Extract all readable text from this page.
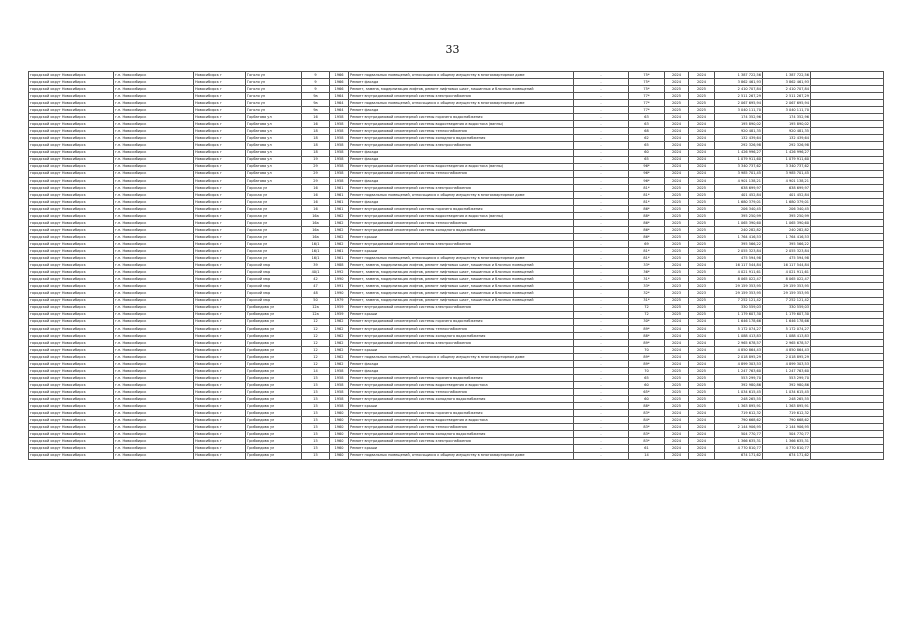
33
городской округ Новосибирск	г.п. Новосибирск	Новосибирск г	Гоголя ул	9	1966	Ремонт подвальных помещений, относящихся к общему имуществу в многоквартирном доме	-	75*	2024	2024	1 387 722,56	1 387 722,56	
городской округ Новосибирск	г.п. Новосибирск	Новосибирск г	Гоголя ул	9	1966	Ремонт фасада	-	75*	2024	2024	3 862 461,93	3 862 461,93	
городской округ Новосибирск	г.п. Новосибирск	Новосибирск г	Гоголя ул	9	1966	Ремонт, замена, модернизация лифтов, ремонт лифтовых шахт, машинных и блочных помещений	-	75*	2025	2025	2 410 707,84	2 410 707,84	
городской округ Новосибирск	г.п. Новосибирск	Новосибирск г	Гоголя ул	9а	1964	Ремонт внутридомовой инженерной системы электроснабжения	-	77*	2025	2025	2 511 267,29	2 511 267,29	
городской округ Новосибирск	г.п. Новосибирск	Новосибирск г	Гоголя ул	9а	1964	Ремонт подвальных помещений, относящихся к общему имуществу в многоквартирном доме	-	77*	2025	2025	2 067 695,94	2 067 695,94	
городской округ Новосибирск	г.п. Новосибирск	Новосибирск г	Гоголя ул	9а	1964	Ремонт фасада	-	77*	2025	2025	3 040 111,70	3 040 111,70	
городской округ Новосибирск	г.п. Новосибирск	Новосибирск г	Горбатова ул	16	1958	Ремонт внутридомовой инженерной системы горячего водоснабжения	-	63	2024	2024	174 352,96	174 352,96	
городской округ Новосибирск	г.п. Новосибирск	Новосибирск г	Горбатова ул	16	1958	Ремонт внутридомовой инженерной системы водоотведения и водостока (ванны)	-	63	2024	2024	195 890,02	195 890,02	
городской округ Новосибирск	г.п. Новосибирск	Новосибирск г	Горбатова ул	18	1958	Ремонт внутридомовой инженерной системы теплоснабжения	-	68	2024	2024	920 481,35	920 481,35	
городской округ Новосибирск	г.п. Новосибирск	Новосибирск г	Горбатова ул	18	1958	Ремонт внутридомовой инженерной системы холодного водоснабжения	-	62	2024	2024	132 439,64	132 439,64	
городской округ Новосибирск	г.п. Новосибирск	Новосибирск г	Горбатова ул	18	1958	Ремонт внутридомовой инженерной системы электроснабжения	-	65	2024	2024	292 326,98	292 326,98	
городской округ Новосибирск	г.п. Новосибирск	Новосибирск г	Горбатова ул	18	1958	Ремонт фасада	-	60	2024	2024	1 426 996,27	1 426 996,27	
городской округ Новосибирск	г.п. Новосибирск	Новосибирск г	Горбатова ул	19	1958	Ремонт фасада	-	65	2024	2024	1 079 911,60	1 079 911,60	
городской округ Новосибирск	г.п. Новосибирск	Новосибирск г	Горбатова ул	29	1958	Ремонт внутридомовой инженерной системы водоотведения и водостока (ванны)	-	96*	2024	2024	3 340 737,62	3 340 737,62	
городской округ Новосибирск	г.п. Новосибирск	Новосибирск г	Горбатова ул	29	1958	Ремонт внутридомовой инженерной системы теплоснабжения	-	96*	2024	2024	3 985 701,45	3 985 701,45	
городской округ Новосибирск	г.п. Новосибирск	Новосибирск г	Горбатова ул	29	1958	Ремонт фасада	-	96*	2024	2024	4 901 138,21	4 901 138,21	
городской округ Новосибирск	г.п. Новосибирск	Новосибирск г	Горская ул	16	1961	Ремонт внутридомовой инженерной системы электроснабжения	-	81*	2025	2025	638 699,97	638 699,97	
городской округ Новосибирск	г.п. Новосибирск	Новосибирск г	Горская ул	16	1961	Ремонт подвальных помещений, относящихся к общему имуществу в многоквартирном доме	-	81*	2025	2025	401 452,84	401 452,84	
городской округ Новосибирск	г.п. Новосибирск	Новосибирск г	Горская ул	16	1961	Ремонт фасада	-	81*	2025	2025	1 680 379,01	1 680 379,01	
городской округ Новосибирск	г.п. Новосибирск	Новосибирск г	Горская ул	16	1961	Ремонт внутридомовой инженерной системы горячего водоснабжения	-	86*	2025	2025	206 340,45	206 340,45	
городской округ Новосибирск	г.п. Новосибирск	Новосибирск г	Горская ул	16а	1962	Ремонт внутридомовой инженерной системы водоотведения и водостока (ванны)	-	88*	2025	2025	395 250,99	395 250,99	
городской округ Новосибирск	г.п. Новосибирск	Новосибирск г	Горская ул	16а	1962	Ремонт внутридомовой инженерной системы теплоснабжения	-	86*	2025	2025	1 065 390,60	1 065 390,60	
городской округ Новосибирск	г.п. Новосибирск	Новосибирск г	Горская ул	16а	1962	Ремонт внутридомовой инженерной системы холодного водоснабжения	-	86*	2025	2025	240 282,82	240 282,82	
городской округ Новосибирск	г.п. Новосибирск	Новосибирск г	Горская ул	16а	1962	Ремонт крыши	-	86*	2025	2025	1 764 416,53	1 764 416,53	
городской округ Новосибирск	г.п. Новосибирск	Новосибирск г	Горская ул	16/1	1962	Ремонт внутридомовой инженерной системы электроснабжения	-	69	2025	2025	395 566,22	395 566,22	
городской округ Новосибирск	г.п. Новосибирск	Новосибирск г	Горская ул	16/1	1961	Ремонт крыши	-	81*	2025	2025	2 055 323,84	2 055 323,84	
городской округ Новосибирск	г.п. Новосибирск	Новосибирск г	Горская ул	16/1	1961	Ремонт подвальных помещений, относящихся к общему имуществу в многоквартирном доме	-	81*	2025	2025	475 594,98	475 594,98	
городской округ Новосибирск	г.п. Новосибирск	Новосибирск г	Горский мкр	39	1988	Ремонт, замена, модернизация лифтов, ремонт лифтовых шахт, машинных и блочных помещений	-	33*	2024	2024	16 117 544,84	16 117 544,84	
городской округ Новосибирск	г.п. Новосибирск	Новосибирск г	Горский мкр	40/1	1992	Ремонт, замена, модернизация лифтов, ремонт лифтовых шахт, машинных и блочных помещений	-	36*	2025	2025	4 021 911,61	4 021 911,61	
городской округ Новосибирск	г.п. Новосибирск	Новосибирск г	Горский мкр	42	1990	Ремонт, замена, модернизация лифтов, ремонт лифтовых шахт, машинных и блочных помещений	-	31*	2025	2025	8 065 022,47	8 065 022,47	
городской округ Новосибирск	г.п. Новосибирск	Новосибирск г	Горский мкр	47	1991	Ремонт, замена, модернизация лифтов, ремонт лифтовых шахт, машинных и блочных помещений	-	33*	2023	2023	29 159 353,95	29 159 353,95	
городской округ Новосибирск	г.п. Новосибирск	Новосибирск г	Горский мкр	48	1990	Ремонт, замена, модернизация лифтов, ремонт лифтовых шахт, машинных и блочных помещений	-	32*	2023	2023	29 159 353,95	29 159 353,95	
городской округ Новосибирск	г.п. Новосибирск	Новосибирск г	Горский мкр	50	1979	Ремонт, замена, модернизация лифтов, ремонт лифтовых шахт, машинных и блочных помещений	-	31*	2025	2025	7 252 121,42	7 252 121,42	
городской округ Новосибирск	г.п. Новосибирск	Новосибирск г	Грибоедова ул	12а	1959	Ремонт внутридомовой инженерной системы электроснабжения	-	72	2025	2025	330 559,03	330 559,03	
городской округ Новосибирск	г.п. Новосибирск	Новосибирск г	Грибоедова ул	12а	1959	Ремонт крыши	-	72	2025	2025	1 179 607,30	1 179 607,30	
городской округ Новосибирск	г.п. Новосибирск	Новосибирск г	Грибоедова ул	12	1962	Ремонт внутридомовой инженерной системы горячего водоснабжения	-	30*	2024	2024	1 646 178,66	1 646 178,66	
городской округ Новосибирск	г.п. Новосибирск	Новосибирск г	Грибоедова ул	12	1962	Ремонт внутридомовой инженерной системы теплоснабжения	-	89*	2024	2024	5 172 074,27	5 172 074,27	
городской округ Новосибирск	г.п. Новосибирск	Новосибирск г	Грибоедова ул	12	1962	Ремонт внутридомовой инженерной системы холодного водоснабжения	-	88*	2024	2024	1 088 413,83	1 088 413,83	
городской округ Новосибирск	г.п. Новосибирск	Новосибирск г	Грибоедова ул	12	1962	Ремонт внутридомовой инженерной системы электроснабжения	-	89*	2024	2024	2 965 678,57	2 965 678,57	
городской округ Новосибирск	г.п. Новосибирск	Новосибирск г	Грибоедова ул	12	1962	Ремонт крыши	-	70	2024	2024	4 850 864,43	4 850 864,43	
городской округ Новосибирск	г.п. Новосибирск	Новосибирск г	Грибоедова ул	12	1962	Ремонт подвальных помещений, относящихся к общему имуществу в многоквартирном доме	-	89*	2024	2024	2 018 895,29	2 018 895,29	
городской округ Новосибирск	г.п. Новосибирск	Новосибирск г	Грибоедова ул	12	1962	Ремонт фасада	-	89*	2024	2024	4 899 303,53	4 899 303,53	
городской округ Новосибирск	г.п. Новосибирск	Новосибирск г	Грибоедова ул	14	1958	Ремонт фасада	-	70	2025	2025	1 247 763,60	1 247 763,60	
городской округ Новосибирск	г.п. Новосибирск	Новосибирск г	Грибоедова ул	15	1958	Ремонт внутридомовой инженерной системы горячего водоснабжения	-	65	2025	2025	553 299,70	553 299,70	
городской округ Новосибирск	г.п. Новосибирск	Новосибирск г	Грибоедова ул	15	1958	Ремонт внутридомовой инженерной системы водоотведения и водостока	-	60	2025	2025	392 980,86	392 980,86	
городской округ Новосибирск	г.п. Новосибирск	Новосибирск г	Грибоедова ул	15	1958	Ремонт внутридомовой инженерной системы теплоснабжения	-	65*	2025	2025	1 034 615,45	1 034 615,45	
городской округ Новосибирск	г.п. Новосибирск	Новосибирск г	Грибоедова ул	15	1958	Ремонт внутридомовой инженерной системы холодного водоснабжения	-	60	2025	2025	248 265,55	248 265,55	
городской округ Новосибирск	г.п. Новосибирск	Новосибирск г	Грибоедова ул	15	1958	Ремонт крыши	-	88*	2025	2025	1 363 895,91	1 363 895,91	
городской округ Новосибирск	г.п. Новосибирск	Новосибирск г	Грибоедова ул	15	1960	Ремонт внутридомовой инженерной системы горячего водоснабжения	-	83*	2024	2024	719 612,32	719 612,32	
городской округ Новосибирск	г.п. Новосибирск	Новосибирск г	Грибоедова ул	15	1960	Ремонт внутридомовой инженерной системы водоотведения и водостока	-	84*	2024	2024	790 668,62	790 668,62	
городской округ Новосибирск	г.п. Новосибирск	Новосибирск г	Грибоедова ул	15	1960	Ремонт внутридомовой инженерной системы теплоснабжения	-	83*	2024	2024	2 144 906,95	2 144 906,95	
городской округ Новосибирск	г.п. Новосибирск	Новосибирск г	Грибоедова ул	15	1960	Ремонт внутридомовой инженерной системы холодного водоснабжения	-	83*	2024	2024	504 770,77	504 770,77	
городской округ Новосибирск	г.п. Новосибирск	Новосибирск г	Грибоедова ул	15	1960	Ремонт внутридомовой инженерной системы электроснабжения	-	83*	2024	2024	1 366 635,31	1 366 635,31	
городской округ Новосибирск	г.п. Новосибирск	Новосибирск г	Грибоедова ул	15	1960	Ремонт крыши	-	61	2024	2024	4 770 810,77	4 770 810,77	
городской округ Новосибирск	г.п. Новосибирск	Новосибирск г	Грибоедова ул	15	1960	Ремонт подвальных помещений, относящихся к общему имуществу в многоквартирном доме	-	14	2024	2024	674 171,62	674 171,62	
